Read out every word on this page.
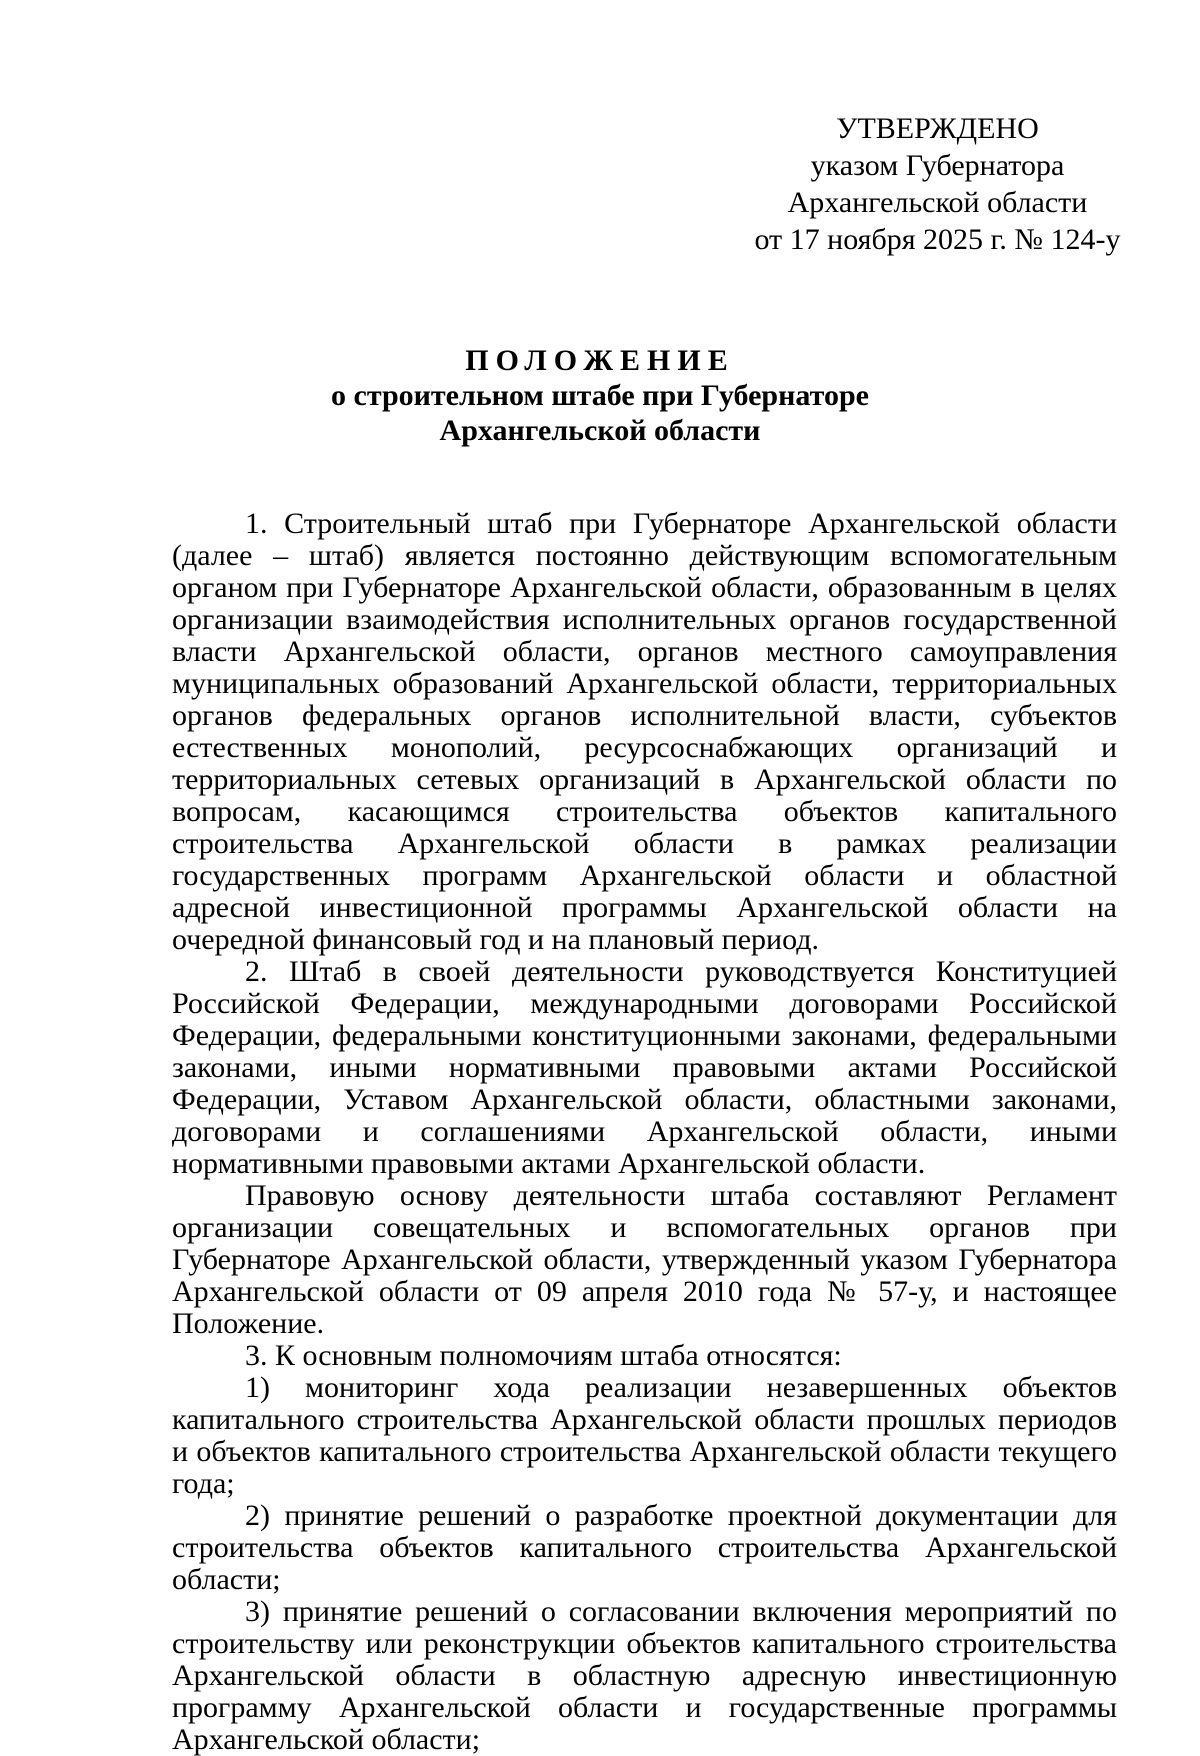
УТВЕРЖДЕНО
указом Губернатора
Архангельской области
от 17 ноября 2025 г. № 124-у
ПОЛОЖЕНИЕ
о строительном штабе при Губернаторе
Архангельской области

1. Строительный штаб при Губернаторе Архангельской области (далее – штаб) является постоянно действующим вспомогательным органом при Губернаторе Архангельской области, образованным в целях организации взаимодействия исполнительных органов государственной власти Архангельской области, органов местного самоуправления муниципальных образований Архангельской области, территориальных органов федеральных органов исполнительной власти, субъектов естественных монополий, ресурсоснабжающих организаций и территориальных сетевых организаций в Архангельской области по вопросам, касающимся строительства объектов капитального строительства Архангельской области в рамках реализации государственных программ Архангельской области и областной адресной инвестиционной программы Архангельской области на очередной финансовый год и на плановый период.

2. Штаб в своей деятельности руководствуется Конституцией Российской Федерации, международными договорами Российской Федерации, федеральными конституционными законами, федеральными законами, иными нормативными правовыми актами Российской Федерации, Уставом Архангельской области, областными законами, договорами и соглашениями Архангельской области, иными нормативными правовыми актами Архангельской области.

Правовую основу деятельности штаба составляют Регламент организации совещательных и вспомогательных органов при Губернаторе Архангельской области, утвержденный указом Губернатора Архангельской области от 09 апреля 2010 года № 57-у, и настоящее Положение.

3. К основным полномочиям штаба относятся:

1) мониторинг хода реализации незавершенных объектов капитального строительства Архангельской области прошлых периодов и объектов капитального строительства Архангельской области текущего года;

2) принятие решений о разработке проектной документации для строительства объектов капитального строительства Архангельской области;

3) принятие решений о согласовании включения мероприятий по строительству или реконструкции объектов капитального строительства Архангельской области в областную адресную инвестиционную программу Архангельской области и государственные программы Архангельской области;
